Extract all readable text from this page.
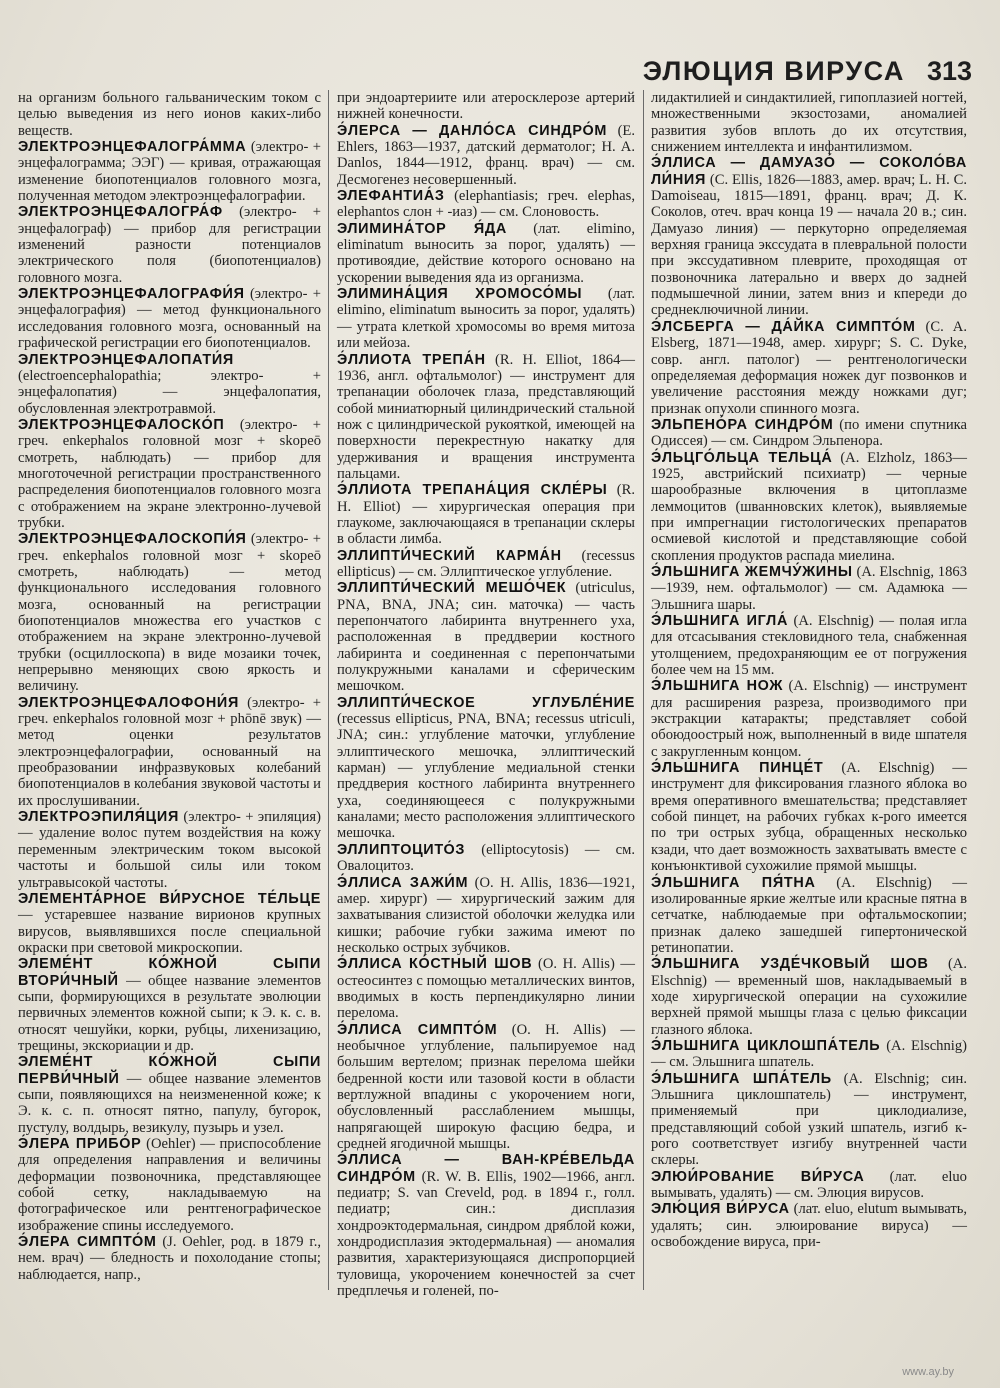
ЭЛЮЦИЯ ВИРУСА 313

на организм больного гальваническим током с целью выведения из него ионов каких-либо веществ.

ЭЛЕКТРОЭНЦЕФАЛОГРА́ММА (электро- + энцефалограмма; ЭЭГ) — кривая, отражающая изменение биопотенциалов головного мозга, полученная методом электроэнцефалографии.

ЭЛЕКТРОЭНЦЕФАЛОГРА́Ф (электро- + энцефалограф) — прибор для регистрации изменений разности потенциалов электрического поля (биопотенциалов) головного мозга.

ЭЛЕКТРОЭНЦЕФАЛОГРАФИ́Я (электро- + энцефалография) — метод функционального исследования головного мозга, основанный на графической регистрации его биопотенциалов.

ЭЛЕКТРОЭНЦЕФАЛОПАТИ́Я (electroencephalopathia; электро- + энцефалопатия) — энцефалопатия, обусловленная электротравмой.

ЭЛЕКТРОЭНЦЕФАЛОСКО́П (электро- + греч. enkephalos головной мозг + skopeō смотреть, наблюдать) — прибор для многоточечной регистрации пространственного распределения биопотенциалов головного мозга с отображением на экране электронно-лучевой трубки.

ЭЛЕКТРОЭНЦЕФАЛОСКОПИ́Я (электро- + греч. enkephalos головной мозг + skopeō смотреть, наблюдать) — метод функционального исследования головного мозга, основанный на регистрации биопотенциалов множества его участков с отображением на экране электронно-лучевой трубки (осциллоскопа) в виде мозаики точек, непрерывно меняющих свою яркость и величину.

ЭЛЕКТРОЭНЦЕФАЛОФОНИ́Я (электро- + греч. enkephalos головной мозг + phōnē звук) — метод оценки результатов электроэнцефалографии, основанный на преобразовании инфразвуковых колебаний биопотенциалов в колебания звуковой частоты и их прослушивании.

ЭЛЕКТРОЭПИЛЯ́ЦИЯ (электро- + эпиляция) — удаление волос путем воздействия на кожу переменным электрическим током высокой частоты и большой силы или током ультравысокой частоты.

ЭЛЕМЕНТА́РНОЕ ВИ́РУСНОЕ ТЕ́ЛЬЦЕ — устаревшее название вирионов крупных вирусов, выявлявшихся после специальной окраски при световой микроскопии.

ЭЛЕМЕ́НТ КО́ЖНОЙ СЫПИ ВТОРИ́ЧНЫЙ — общее название элементов сыпи, формирующихся в результате эволюции первичных элементов кожной сыпи; к Э. к. с. в. относят чешуйки, корки, рубцы, лихенизацию, трещины, экскориации и др.

ЭЛЕМЕ́НТ КО́ЖНОЙ СЫПИ ПЕРВИ́ЧНЫЙ — общее название элементов сыпи, появляющихся на неизмененной коже; к Э. к. с. п. относят пятно, папулу, бугорок, пустулу, волдырь, везикулу, пузырь и узел.

Э́ЛЕРА ПРИБО́Р (Oehler) — приспособление для определения направления и величины деформации позвоночника, представляющее собой сетку, накладываемую на фотографическое или рентгенографическое изображение спины исследуемого.

Э́ЛЕРА СИМПТО́М (J. Oehler, род. в 1879 г., нем. врач) — бледность и похолодание стопы; наблюдается, напр.,

при эндоартериите или атеросклерозе артерий нижней конечности.

Э́ЛЕРСА — ДАНЛО́СА СИНДРО́М (E. Ehlers, 1863—1937, датский дерматолог; H. A. Danlos, 1844—1912, франц. врач) — см. Десмогенез несовершенный.

ЭЛЕФАНТИА́З (elephantiasis; греч. elephas, elephantos слон + -иаз) — см. Слоновость.

ЭЛИМИНА́ТОР Я́ДА (лат. elimino, eliminatum выносить за порог, удалять) — противоядие, действие которого основано на ускорении выведения яда из организма.

ЭЛИМИНА́ЦИЯ ХРОМОСО́МЫ (лат. elimino, eliminatum выносить за порог, удалять) — утрата клеткой хромосомы во время митоза или мейоза.

Э́ЛЛИОТА ТРЕПА́Н (R. H. Elliot, 1864—1936, англ. офтальмолог) — инструмент для трепанации оболочек глаза, представляющий собой миниатюрный цилиндрический стальной нож с цилиндрической рукояткой, имеющей на поверхности перекрестную накатку для удерживания и вращения инструмента пальцами.

Э́ЛЛИОТА ТРЕПАНА́ЦИЯ СКЛЕ́РЫ (R. H. Elliot) — хирургическая операция при глаукоме, заключающаяся в трепанации склеры в области лимба.

ЭЛЛИПТИ́ЧЕСКИЙ КАРМА́Н (recessus ellipticus) — см. Эллиптическое углубление.

ЭЛЛИПТИ́ЧЕСКИЙ МЕШО́ЧЕК (utriculus, PNA, BNA, JNA; син. маточка) — часть перепончатого лабиринта внутреннего уха, расположенная в преддверии костного лабиринта и соединенная с перепончатыми полукружными каналами и сферическим мешочком.

ЭЛЛИПТИ́ЧЕСКОЕ УГЛУБЛЕ́НИЕ (recessus ellipticus, PNA, BNA; recessus utriculi, JNA; син.: углубление маточки, углубление эллиптического мешочка, эллиптический карман) — углубление медиальной стенки преддверия костного лабиринта внутреннего уха, соединяющееся с полукружными каналами; место расположения эллиптического мешочка.

ЭЛЛИПТОЦИТО́З (elliptocytosis) — см. Овалоцитоз.

Э́ЛЛИСА ЗАЖИ́М (O. H. Allis, 1836—1921, амер. хирург) — хирургический зажим для захватывания слизистой оболочки желудка или кишки; рабочие губки зажима имеют по несколько острых зубчиков.

Э́ЛЛИСА КО́СТНЫЙ ШОВ (O. H. Allis) — остеосинтез с помощью металлических винтов, вводимых в кость перпендикулярно линии перелома.

Э́ЛЛИСА СИМПТО́М (O. H. Allis) — необычное углубление, пальпируемое над большим вертелом; признак перелома шейки бедренной кости или тазовой кости в области вертлужной впадины с укорочением ноги, обусловленный расслаблением мышцы, напрягающей широкую фасцию бедра, и средней ягодичной мышцы.

Э́ЛЛИСА — ВАН-КРЕ́ВЕЛЬДА СИНДРО́М (R. W. B. Ellis, 1902—1966, англ. педиатр; S. van Creveld, род. в 1894 г., голл. педиатр; син.: дисплазия хондроэктодермальная, синдром дряблой кожи, хондродисплазия эктодермальная) — аномалия развития, характеризующаяся диспропорцией туловища, укорочением конечностей за счет предплечья и голеней, по-

лидактилией и синдактилией, гипоплазией ногтей, множественными экзостозами, аномалией развития зубов вплоть до их отсутствия, снижением интеллекта и инфантилизмом.

Э́ЛЛИСА — ДАМУАЗО́ — СОКОЛО́ВА ЛИ́НИЯ (C. Ellis, 1826—1883, амер. врач; L. H. C. Damoiseau, 1815—1891, франц. врач; Д. К. Соколов, отеч. врач конца 19 — начала 20 в.; син. Дамуазо линия) — перкуторно определяемая верхняя граница экссудата в плевральной полости при экссудативном плеврите, проходящая от позвоночника латерально и вверх до задней подмышечной линии, затем вниз и кпереди до среднеключичной линии.

Э́ЛСБЕРГА — ДА́ЙКА СИМПТО́М (C. A. Elsberg, 1871—1948, амер. хирург; S. C. Dyke, совр. англ. патолог) — рентгенологически определяемая деформация ножек дуг позвонков и увеличение расстояния между ножками дуг; признак опухоли спинного мозга.

ЭЛЬПЕНО́РА СИНДРО́М (по имени спутника Одиссея) — см. Синдром Эльпенора.

Э́ЛЬЦГО́ЛЬЦА ТЕЛЬЦА́ (A. Elzholz, 1863—1925, австрийский психиатр) — черные шарообразные включения в цитоплазме леммоцитов (шванновских клеток), выявляемые при импрегнации гистологических препаратов осмиевой кислотой и представляющие собой скопления продуктов распада миелина.

Э́ЛЬШНИГА ЖЕМЧУ́ЖИНЫ (A. Elschnig, 1863—1939, нем. офтальмолог) — см. Адамюка — Эльшнига шары.

Э́ЛЬШНИГА ИГЛА́ (A. Elschnig) — полая игла для отсасывания стекловидного тела, снабженная утолщением, предохраняющим ее от погружения более чем на 15 мм.

Э́ЛЬШНИГА НОЖ (A. Elschnig) — инструмент для расширения разреза, производимого при экстракции катаракты; представляет собой обоюдоострый нож, выполненный в виде шпателя с закругленным концом.

Э́ЛЬШНИГА ПИНЦЕ́Т (A. Elschnig) — инструмент для фиксирования глазного яблока во время оперативного вмешательства; представляет собой пинцет, на рабочих губках к-рого имеется по три острых зубца, обращенных несколько кзади, что дает возможность захватывать вместе с конъюнктивой сухожилие прямой мышцы.

Э́ЛЬШНИГА ПЯ́ТНА (A. Elschnig) — изолированные яркие желтые или красные пятна в сетчатке, наблюдаемые при офтальмоскопии; признак далеко зашедшей гипертонической ретинопатии.

Э́ЛЬШНИГА УЗДЕ́ЧКОВЫЙ ШОВ (A. Elschnig) — временный шов, накладываемый в ходе хирургической операции на сухожилие верхней прямой мышцы глаза с целью фиксации глазного яблока.

Э́ЛЬШНИГА ЦИКЛОШПА́ТЕЛЬ (A. Elschnig) — см. Эльшнига шпатель.

Э́ЛЬШНИГА ШПА́ТЕЛЬ (A. Elschnig; син. Эльшнига циклошпатель) — инструмент, применяемый при циклодиализе, представляющий собой узкий шпатель, изгиб к-рого соответствует изгибу внутренней части склеры.

ЭЛЮИ́РОВАНИЕ ВИ́РУСА (лат. eluo вымывать, удалять) — см. Элюция вирусов.

ЭЛЮ́ЦИЯ ВИ́РУСА (лат. eluo, elutum вымывать, удалять; син. элюирование вируса) — освобождение вируса, при-

www.ay.by
